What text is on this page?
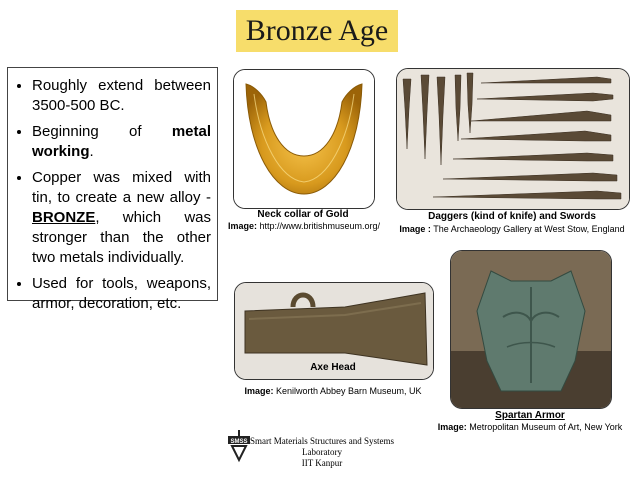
Bronze Age
• Roughly extend between 3500-500 BC.
• Beginning of metal working.
• Copper was mixed with tin, to create a new alloy - BRONZE, which was stronger than the other two metals individually.
• Used for tools, weapons, armor, decoration, etc.
Neck collar of Gold
Image: http://www.britishmuseum.org/
Daggers (kind of knife) and Swords
Image : The Archaeology Gallery at West Stow, England
Axe Head
Image: Kenilworth Abbey Barn Museum, UK
Spartan Armor
Image: Metropolitan Museum of Art, New York
SMSS Smart Materials Structures and Systems
Laboratory
IIT Kanpur
